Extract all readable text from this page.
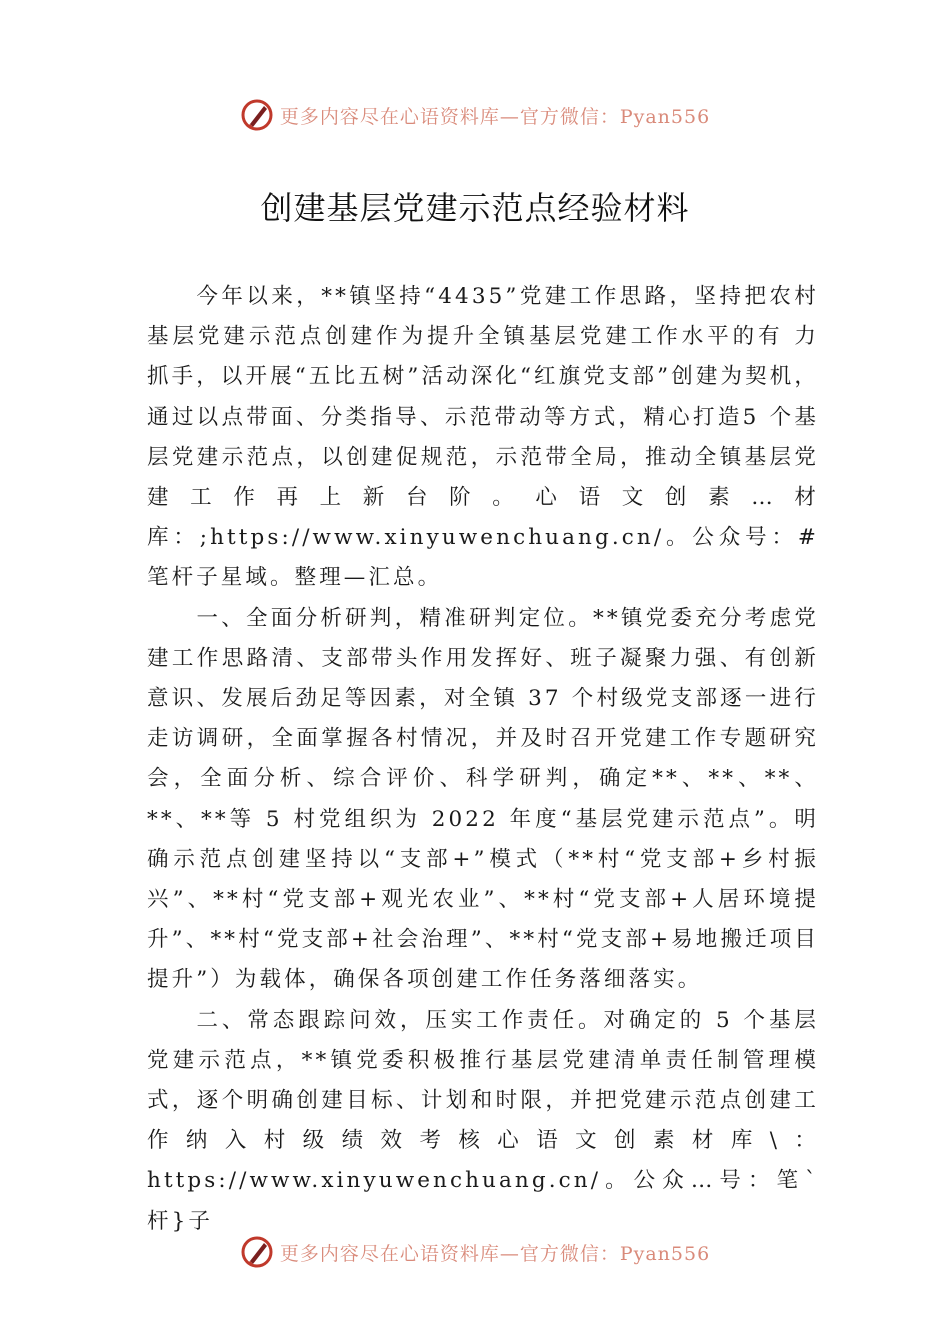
更多内容尽在心语资料库—官方微信：Pyan556
创建基层党建示范点经验材料

今年以来，**镇坚持“4435”党建工作思路，坚持把农村基层党建示范点创建作为提升全镇基层党建工作水平的有 力抓手，以开展“五比五树”活动深化“红旗党支部”创建为契机，通过以点带面、分类指导、示范带动等方式，精心打造5 个基层党建示范点，以创建促规范，示范带全局，推动全镇基层党建工作再上新台阶。心语文创素…材库：;https://www.xinyuwenchuang.cn/。公众号：#笔杆子星域。整理—汇总。

一、全面分析研判，精准研判定位。**镇党委充分考虑党建工作思路清、支部带头作用发挥好、班子凝聚力强、有创新意识、发展后劲足等因素，对全镇 37 个村级党支部逐一进行走访调研，全面掌握各村情况，并及时召开党建工作专题研究会，全面分析、综合评价、科学研判，确定**、**、**、**、**等 5 村党组织为 2022 年度“基层党建示范点”。明确示范点创建坚持以“支部+”模式（**村“党支部+乡村振兴”、**村“党支部+观光农业”、**村“党支部+人居环境提升”、**村“党支部+社会治理”、**村“党支部+易地搬迁项目提升”）为载体，确保各项创建工作任务落细落实。

二、常态跟踪问效，压实工作责任。对确定的 5 个基层党建示范点，**镇党委积极推行基层党建清单责任制管理模式，逐个明确创建目标、计划和时限，并把党建示范点创建工作纳入村级绩效考核心语文创素材库\：https://www.xinyuwenchuang.cn/。公众…号：笔`杆}子

更多内容尽在心语资料库—官方微信：Pyan556
